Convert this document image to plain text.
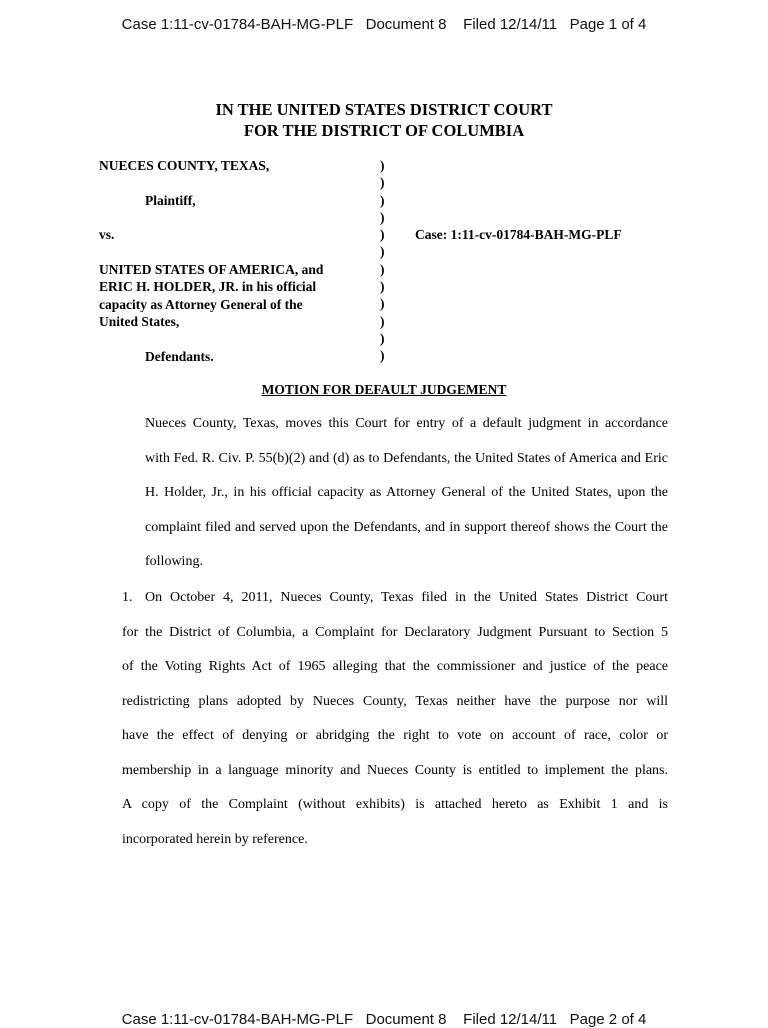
Case 1:11-cv-01784-BAH-MG-PLF   Document 8    Filed 12/14/11   Page 1 of 4
IN THE UNITED STATES DISTRICT COURT
FOR THE DISTRICT OF COLUMBIA
NUECES COUNTY, TEXAS,
Plaintiff,
vs.
UNITED STATES OF AMERICA, and
ERIC H. HOLDER, JR. in his official
capacity as Attorney General of the
United States,
Defendants.
)
)
)
)
)
)
)
)
)
)
)
)
Case: 1:11-cv-01784-BAH-MG-PLF
MOTION FOR DEFAULT JUDGEMENT
Nueces County, Texas, moves this Court for entry of a default judgment in accordance
with Fed. R. Civ. P. 55(b)(2) and (d) as to Defendants, the United States of America and Eric
H. Holder, Jr., in his official capacity as Attorney General of the United States, upon the
complaint filed and served upon the Defendants, and in support thereof shows the Court the
following.
1. On October 4, 2011, Nueces County, Texas filed in the United States District Court
for the District of Columbia, a Complaint for Declaratory Judgment Pursuant to Section 5
of the Voting Rights Act of 1965 alleging that the commissioner and justice of the peace
redistricting plans adopted by Nueces County, Texas neither have the purpose nor will
have the effect of denying or abridging the right to vote on account of race, color or
membership in a language minority and Nueces County is entitled to implement the plans.
A copy of the Complaint (without exhibits) is attached hereto as Exhibit 1 and is
incorporated herein by reference.
Case 1:11-cv-01784-BAH-MG-PLF   Document 8    Filed 12/14/11   Page 2 of 4
